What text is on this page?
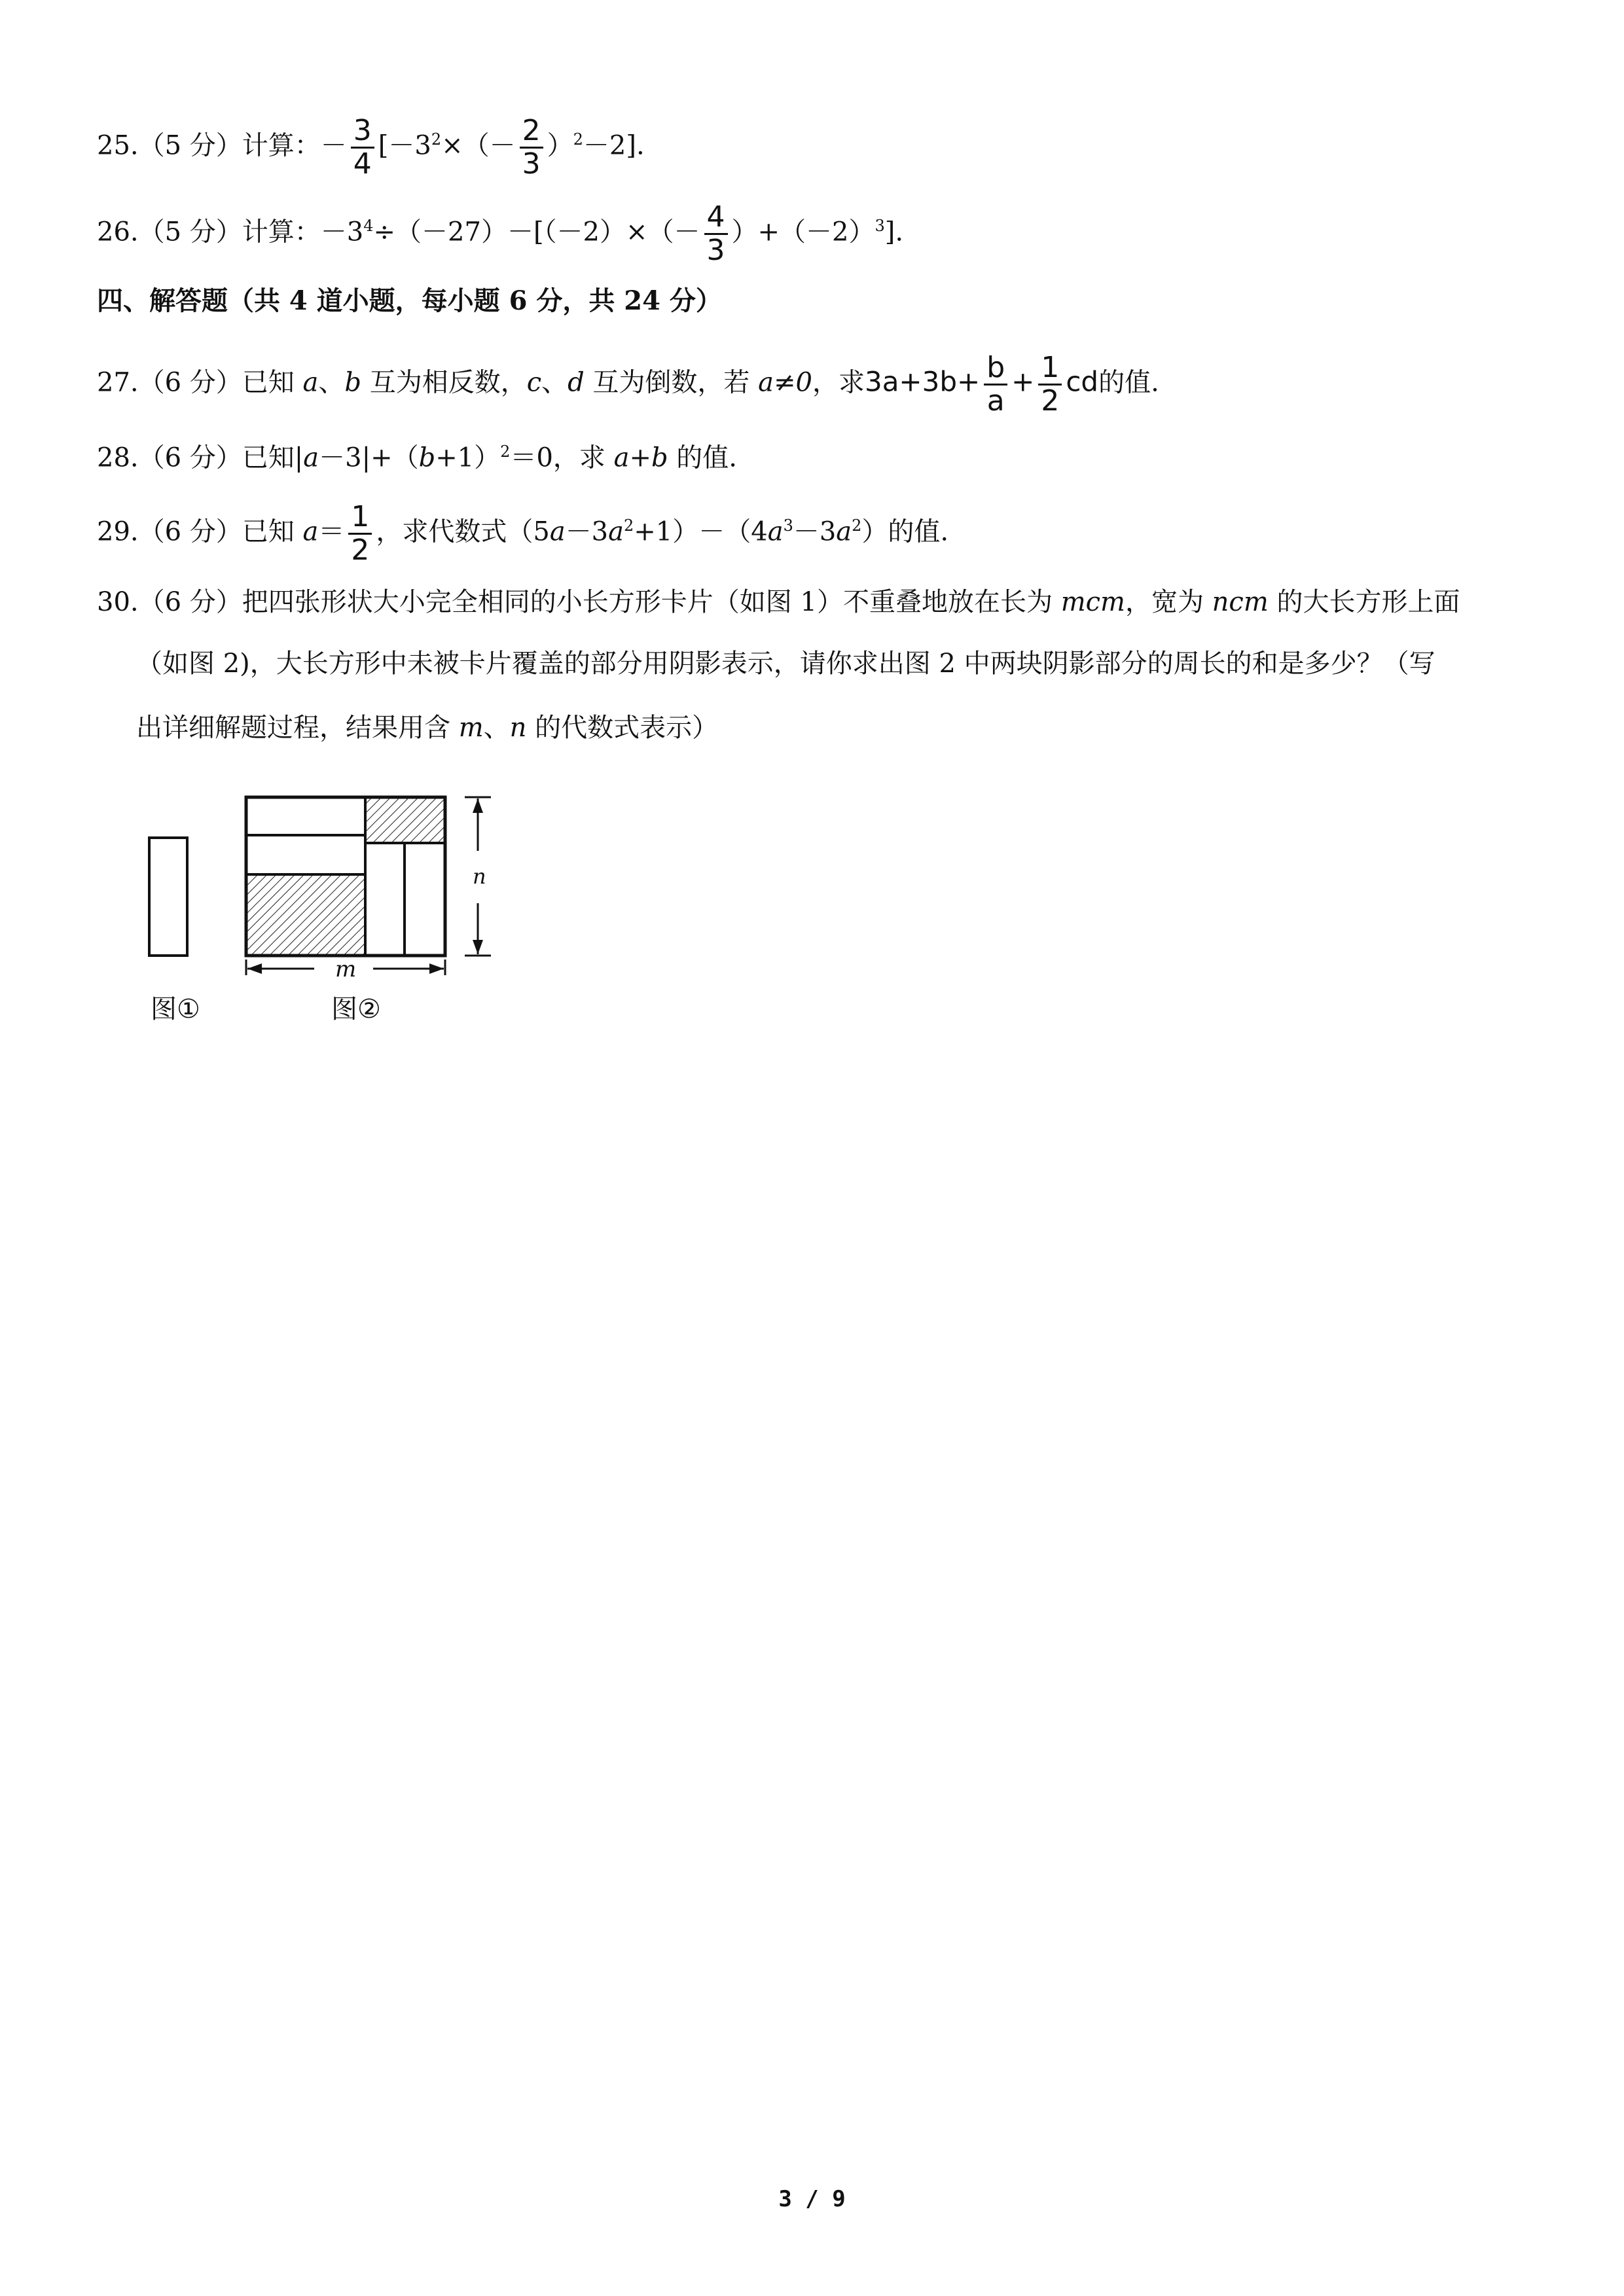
25.（5 分）计算：－ $\frac{3}{4} [-3^2\times(- \frac{2}{3} )^2-2]$.
26.（5 分）计算：$-3^4\div(-27)-[(-2)\times(- \frac{4}{3} )+(-2)^3]$.
四、解答题（共 4 道小题，每小题 6 分，共 24 分）
27.（6 分）已知 a、b 互为相反数，c、d 互为倒数，若 a≠0，求$3a+3b+ \frac{b}{a} + \frac{1}{2}$ cd的值.
28.（6 分）已知$|a-3|+(b+1)^2=0$，求 a+b 的值.
29.（6 分）已知 $a= \frac{1}{2}$ ，求代数式$(5a-3a^2+1)-(4a^3-3a^2)$的值.
30.（6 分）把四张形状大小完全相同的小长方形卡片（如图 1）不重叠地放在长为 mcm，宽为 ncm 的大长方形上面
（如图 2)，大长方形中未被卡片覆盖的部分用阴影表示，请你求出图 2 中两块阴影部分的周长的和是多少？（写
出详细解题过程，结果用含 m、n 的代数式表示）
n
m
图①	图②
3 / 9
